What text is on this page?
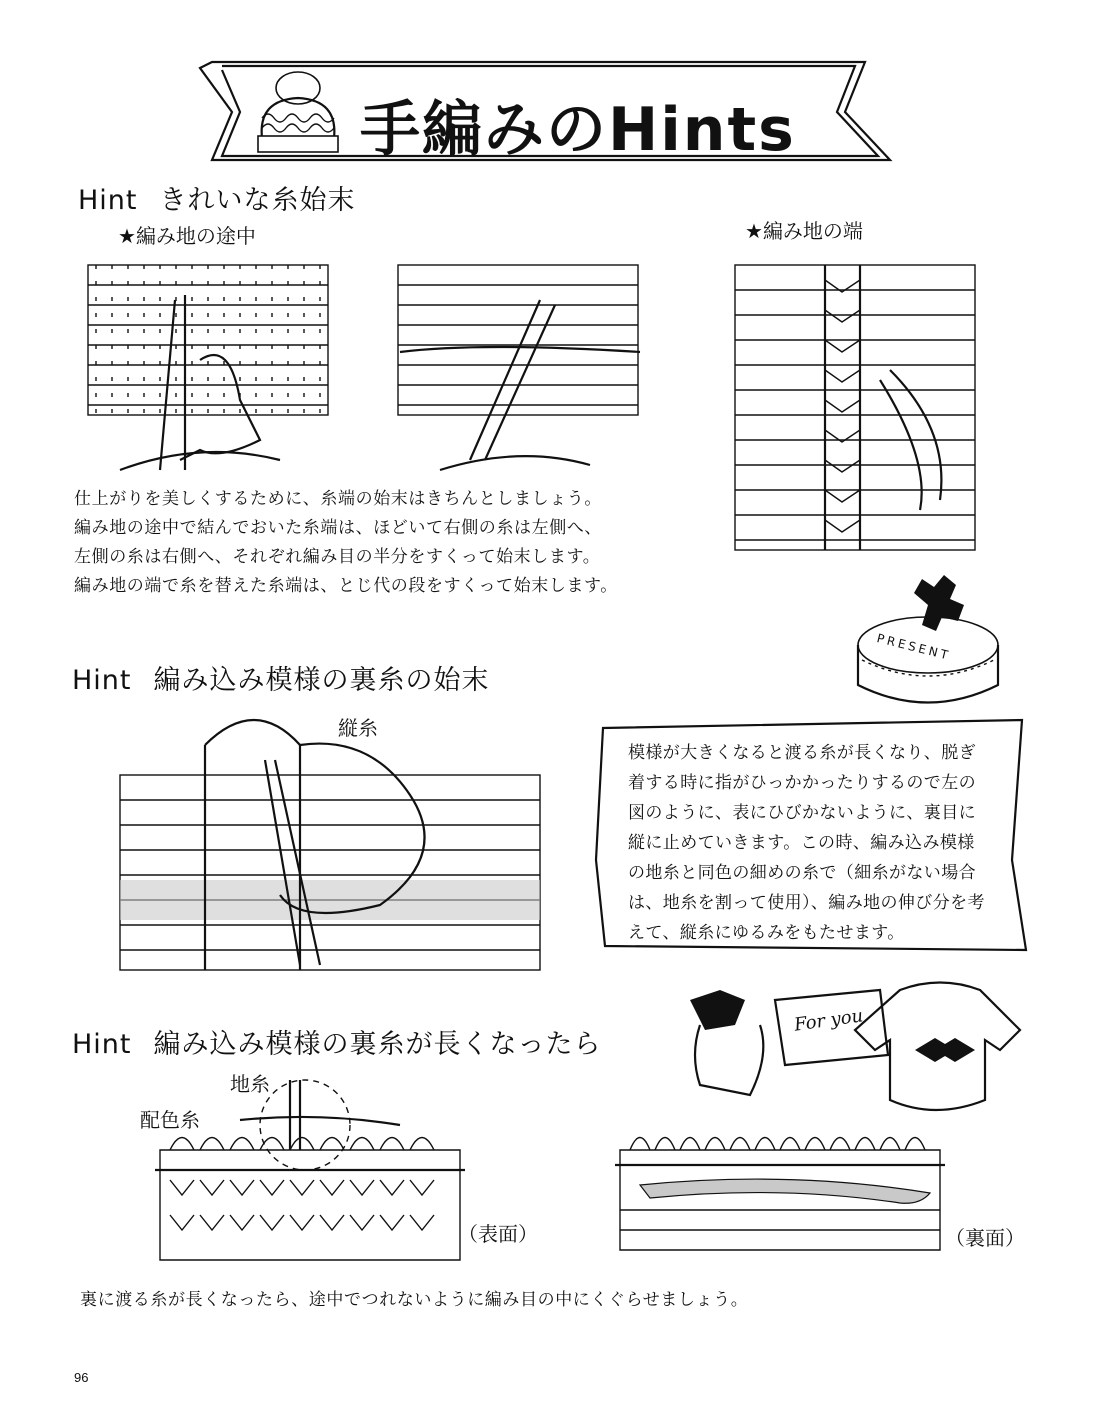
手編みのHints
Hint きれいな糸始末
★編み地の途中	★編み地の端
仕上がりを美しくするために、糸端の始末はきちんとしましょう。
編み地の途中で結んでおいた糸端は、ほどいて右側の糸は左側へ、
左側の糸は右側へ、それぞれ編み目の半分をすくって始末します。
編み地の端で糸を替えた糸端は、とじ代の段をすくって始末します。
Hint 編み込み模様の裏糸の始末
縦糸
PRESENT
模様が大きくなると渡る糸が長くなり、脱ぎ
着する時に指がひっかかったりするので左の
図のように、表にひびかないように、裏目に
縦に止めていきます。この時、編み込み模様
の地糸と同色の細めの糸で（細糸がない場合
は、地糸を割って使用）、編み地の伸び分を考
えて、縦糸にゆるみをもたせます。
Hint 編み込み模様の裏糸が長くなったら
For you
地糸
配色糸
（表面）	（裏面）
裏に渡る糸が長くなったら、途中でつれないように編み目の中にくぐらせましょう。
96
